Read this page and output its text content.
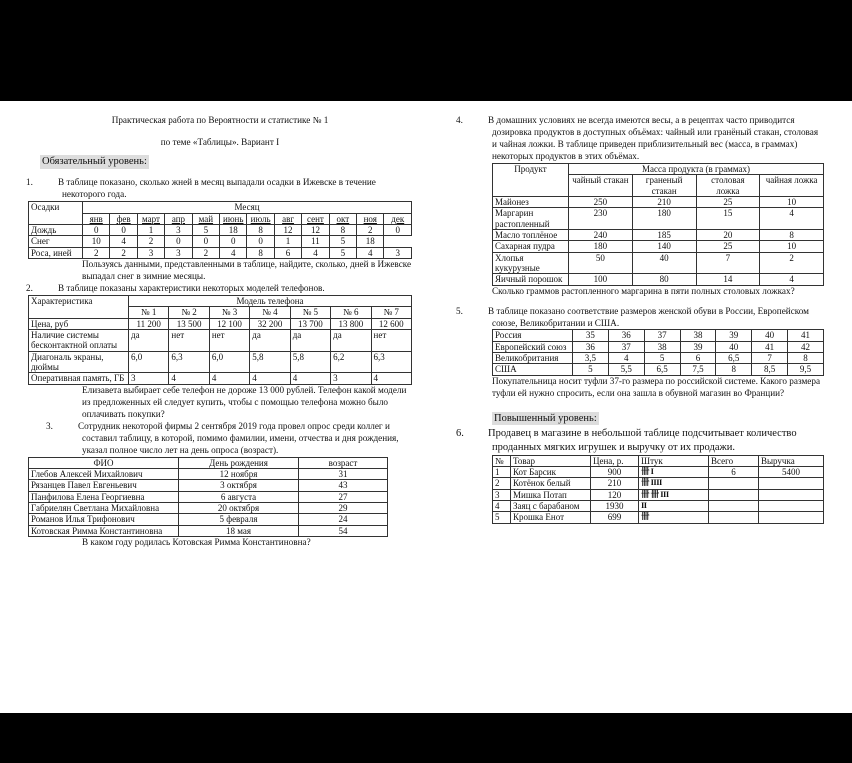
Практическая работа по Вероятности и статистике № 1

по теме «Таблицы». Вариант I

Обязательный уровень:

1.	В таблице показано, сколько жней в месяц выпадали осадки в Ижевске в течение некоторого года.

Осадки	Месяц											
	янв	фев	март	апр	май	июнь	июль	авг	сент	окт	ноя	дек
Дождь	0	0	1	3	5	18	8	12	12	8	2	0
Снег	10	4	2	0	0	0	0	1	11	5	18	
Роса, иней	2	2	3	3	2	4	8	6	4	5	4	3

Пользуясь данными, представленными в таблице, найдите, сколько, дней в Ижевске выпадал снег в зимние месяцы.

2.	В таблице показаны характеристики некоторых моделей телефонов.

Характеристика	Модель телефона						
	№ 1	№ 2	№ 3	№ 4	№ 5	№ 6	№ 7
Цена, руб	11 200	13 500	12 100	32 200	13 700	13 800	12 600
Наличие системы бесконтактной оплаты	да	нет	нет	да	да	да	нет
Диагональ экраны, дюймы	6,0	6,3	6,0	5,8	5,8	6,2	6,3
Оперативная память, ГБ	3	4	4	4	4	3	4

Елизавета выбирает себе телефон не дороже 13 000 рублей. Телефон какой модели из предложенных ей следует купить, чтобы с помощью телефона можно было оплачивать покупки?

3.	Сотрудник некоторой фирмы 2 сентября 2019 года провел опрос среди коллег и составил таблицу, в которой, помимо фамилии, имени, отчества и дня рождения, указал полное число лет на день опроса (возраст).

ФИО	День рождения	возраст
Глебов Алексей Михайлович	12 ноября	31
Рязанцев Павел Евгеньевич	3 октября	43
Панфилова Елена Георгиевна	6 августа	27
Габриелян Светлана Михайловна	20 октября	29
Романов Илья Трифонович	5 февраля	24
Котовская Римма Константиновна	18 мая	54

В каком году родилась Котовская Римма Константиновна?

4.	В домашних условиях не всегда имеются весы, а в рецептах часто приводится дозировка продуктов в доступных объёмах: чайный или гранёный стакан, столовая и чайная ложки. В таблице приведен приблизительный вес (масса, в граммах) некоторых продуктов в этих объёмах.

Продукт	Масса продукта (в граммах)			
	чайный стакан	граненый стакан	столовая ложка	чайная ложка
Майонез	250	210	25	10
Маргарин растопленный	230	180	15	4
Масло топлёное	240	185	20	8
Сахарная пудра	180	140	25	10
Хлопья кукурузные	50	40	7	2
Яичный порошок	100	80	14	4

Сколько граммов растопленного маргарина в пяти полных столовых ложках?

5.	В таблице показано соответствие размеров женской обуви в России, Европейском союзе, Великобритании и США.

Россия	35	36	37	38	39	40	41
Европейский союз	36	37	38	39	40	41	42
Великобритания	3,5	4	5	6	6,5	7	8
США	5	5,5	6,5	7,5	8	8,5	9,5

Покупательница носит туфли 37-го размера по российской системе. Какого размера туфли ей нужно спросить, если она зашла в обувной магазин во Франции?

Повышенный уровень:

6. Продавец в магазине в небольшой таблице подсчитывает количество проданных мягких игрушек и выручку от их продажи.

№	Товар	Цена, р.	Штук	Всего	Выручка
1	Кот Барсик	900	卌 I	6	5400
2	Котёнок белый	210	卌 IIII		
3	Мишка Потап	120	卌 卌 III		
4	Заяц с барабаном	1930	II		
5	Крошка Енот	699	卌		
